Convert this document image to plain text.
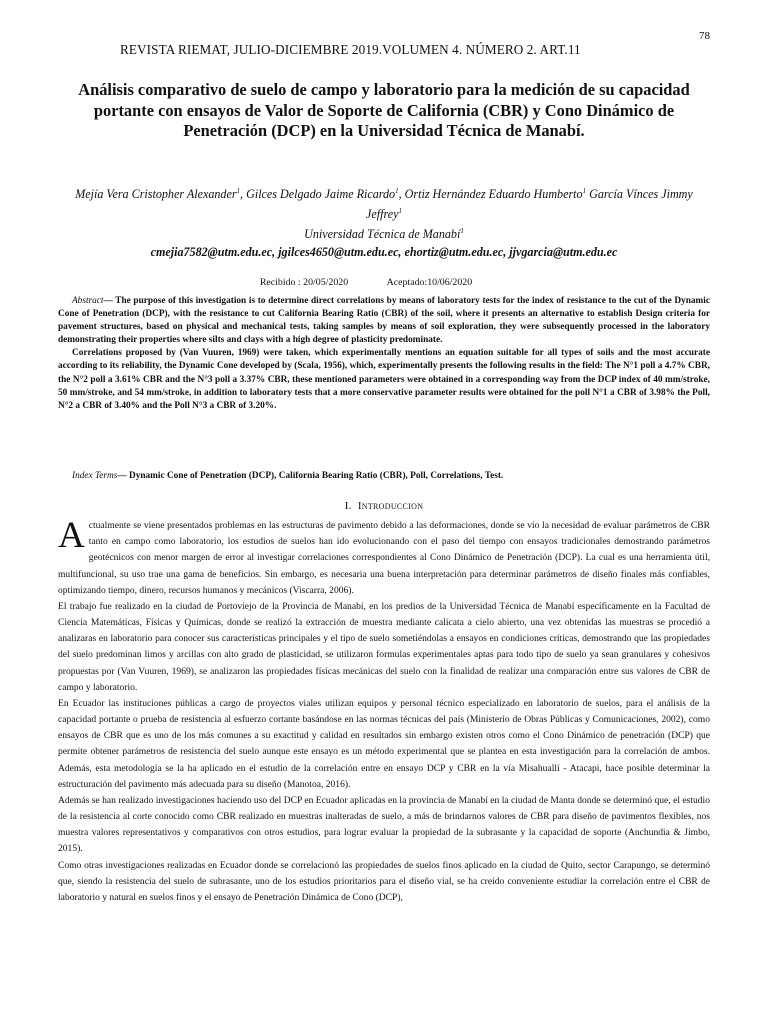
78
REVISTA RIEMAT, JULIO-DICIEMBRE 2019.VOLUMEN 4. NÚMERO 2. ART.11
Análisis comparativo de suelo de campo y laboratorio para la medición de su capacidad portante con ensayos de Valor de Soporte de California (CBR) y Cono Dinámico de Penetración (DCP) en la Universidad Técnica de Manabí.
Mejía Vera Cristopher Alexander$^1$, Gilces Delgado Jaime Ricardo$^1$, Ortiz Hernández Eduardo Humberto$^1$ García Vínces Jimmy Jeffrey$^1$
Universidad Técnica de Manabí$^1$
cmejia7582@utm.edu.ec, jgilces4650@utm.edu.ec, ehortiz@utm.edu.ec, jjvgarcia@utm.edu.ec
Recibido : 20/05/2020	Aceptado:10/06/2020

Abstract— The purpose of this investigation is to determine direct correlations by means of laboratory tests for the index of resistance to the cut of the Dynamic Cone of Penetration (DCP), with the resistance to cut California Bearing Ratio (CBR) of the soil, where it presents an alternative to establish Design criteria for pavement structures, based on physical and mechanical tests, taking samples by means of soil exploration, they were subsequently processed in the laboratory demonstrating their properties where silts and clays with a high degree of plasticity predominate.

Correlations proposed by (Van Vuuren, 1969) were taken, which experimentally mentions an equation suitable for all types of soils and the most accurate according to its reliability, the Dynamic Cone developed by (Scala, 1956), which, experimentally presents the following results in the field: The N°1 poll a 4.7% CBR, the N°2 poll a 3.61% CBR and the N°3 poll a 3.37% CBR, these mentioned parameters were obtained in a corresponding way from the DCP index of 40 mm/stroke, 50 mm/stroke, and 54 mm/stroke, in addition to laboratory tests that a more conservative parameter results were obtained for the poll N°1 a CBR of 3.98% the Poll, N°2 a CBR of 3.40% and the Poll N°3 a CBR of 3.20%.

Index Terms— Dynamic Cone of Penetration (DCP), California Bearing Ratio (CBR), Poll, Correlations, Test.
I. Introduccion

Actualmente se viene presentados problemas en las estructuras de pavimento debido a las deformaciones, donde se vio la necesidad de evaluar parámetros de CBR tanto en campo como laboratorio, los estudios de suelos han ido evolucionando con el paso del tiempo con ensayos tradicionales demostrando parámetros geotécnicos con menor margen de error al investigar correlaciones correspondientes al Cono Dinámico de Penetración (DCP). La cual es una herramienta útil, multifuncional, su uso trae una gama de beneficios. Sin embargo, es necesaria una buena interpretación para determinar parámetros de diseño finales más confiables, optimizando tiempo, dinero, recursos humanos y mecánicos (Viscarra, 2006).

El trabajo fue realizado en la ciudad de Portoviejo de la Provincia de Manabí, en los predios de la Universidad Técnica de Manabí específicamente en la Facultad de Ciencia Matemáticas, Físicas y Químicas, donde se realizó la extracción de muestra mediante calicata a cielo abierto, una vez obtenidas las muestras se procedió a analizaras en laboratorio para conocer sus características principales y el tipo de suelo sometiéndolas a ensayos en condiciones críticas, demostrando que las propiedades del suelo predominan limos y arcillas con alto grado de plasticidad, se utilizaron formulas experimentales aptas para todo tipo de suelo ya sean granulares y cohesivos propuestas por (Van Vuuren, 1969), se analizaron las propiedades físicas mecánicas del suelo con la finalidad de realizar una comparación entre sus valores de CBR de campo y laboratorio.

En Ecuador las instituciones públicas a cargo de proyectos viales utilizan equipos y personal técnico especializado en laboratorio de suelos, para el análisis de la capacidad portante o prueba de resistencia al esfuerzo cortante basándose en las normas técnicas del país (Ministerio de Obras Públicas y Comunicaciones, 2002), como ensayos de CBR que es uno de los más comunes a su exactitud y calidad en resultados sin embargo existen otros como el Cono Dinámico de penetración (DCP) que permite obtener parámetros de resistencia del suelo aunque este ensayo es un método experimental que se plantea en esta investigación para la correlación de ambos. Además, esta metodología se la ha aplicado en el estudio de la correlación entre en ensayo DCP y CBR en la vía Misahuallí - Atacapi, hace posible determinar la estructuración del pavimento más adecuada para su diseño (Manotoa, 2016).

Además se han realizado investigaciones haciendo uso del DCP en Ecuador aplicadas en la provincia de Manabí en la ciudad de Manta donde se determinó que, el estudio de la resistencia al corte conocido como CBR realizado en muestras inalteradas de suelo, a más de brindarnos valores de CBR para diseño de pavimentos flexibles, nos muestra valores representativos y comparativos con otros estudios, para lograr evaluar la propiedad de la subrasante y la capacidad de soporte (Anchundia & Jimbo, 2015).

Como otras investigaciones realizadas en Ecuador donde se correlacionó las propiedades de suelos finos aplicado en la ciudad de Quito, sector Carapungo, se determinó que, siendo la resistencia del suelo de subrasante, uno de los estudios prioritarios para el diseño vial, se ha creído conveniente estudiar la correlación entre el CBR de laboratorio y natural en suelos finos y el ensayo de Penetración Dinámica de Cono (DCP),
